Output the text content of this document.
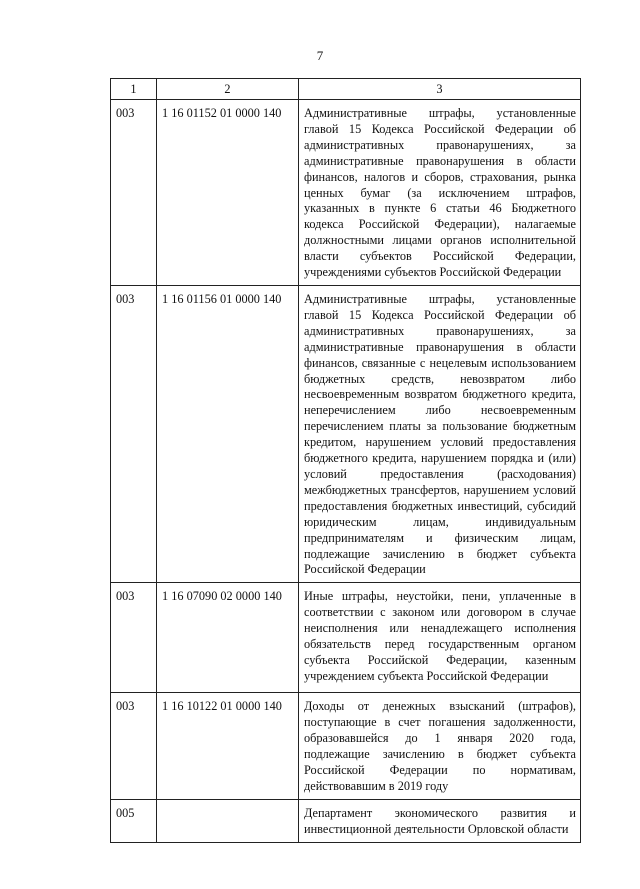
7
1	2	3
003	1 16 01152 01 0000 140	Административные штрафы, установленные главой 15 Кодекса Российской Федерации об административных правонарушениях, за административные правонарушения в области финансов, налогов и сборов, страхования, рынка ценных бумаг (за исключением штрафов, указанных в пункте 6 статьи 46 Бюджетного кодекса Российской Федерации), налагаемые должностными лицами органов исполнительной власти субъектов Российской Федерации, учреждениями субъектов Российской Федерации
003	1 16 01156 01 0000 140	Административные штрафы, установленные главой 15 Кодекса Российской Федерации об административных правонарушениях, за административные правонарушения в области финансов, связанные с нецелевым использованием бюджетных средств, невозвратом либо несвоевременным возвратом бюджетного кредита, неперечислением либо несвоевременным перечислением платы за пользование бюджетным кредитом, нарушением условий предоставления бюджетного кредита, нарушением порядка и (или) условий предоставления (расходования) межбюджетных трансфертов, нарушением условий предоставления бюджетных инвестиций, субсидий юридическим лицам, индивидуальным предпринимателям и физическим лицам, подлежащие зачислению в бюджет субъекта Российской Федерации
003	1 16 07090 02 0000 140	Иные штрафы, неустойки, пени, уплаченные в соответствии с законом или договором в случае неисполнения или ненадлежащего исполнения обязательств перед государственным органом субъекта Российской Федерации, казенным учреждением субъекта Российской Федерации
003	1 16 10122 01 0000 140	Доходы от денежных взысканий (штрафов), поступающие в счет погашения задолженности, образовавшейся до 1 января 2020 года, подлежащие зачислению в бюджет субъекта Российской Федерации по нормативам, действовавшим в 2019 году
005		Департамент экономического развития и инвестиционной деятельности Орловской области
